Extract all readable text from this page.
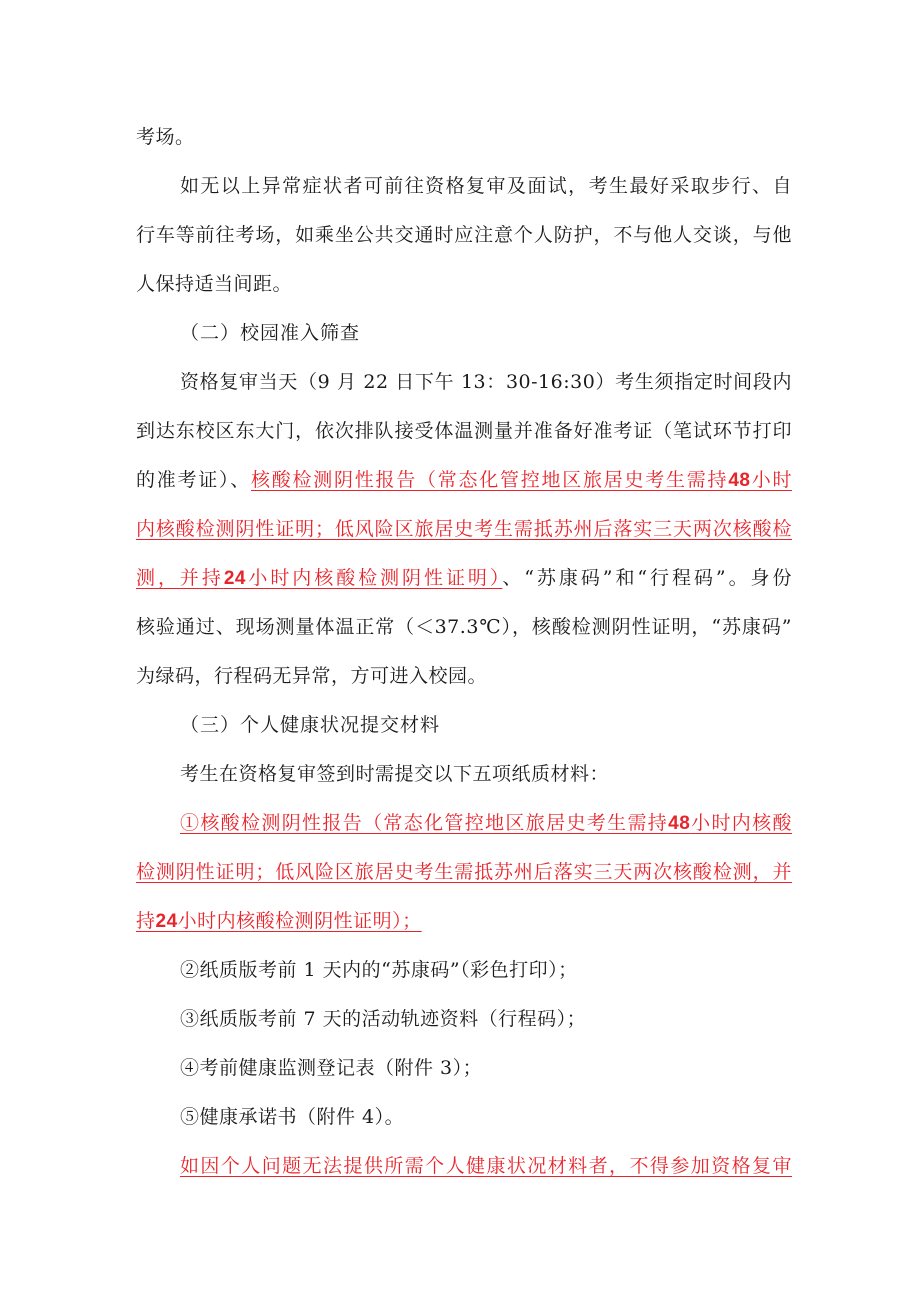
考场。

如无以上异常症状者可前往资格复审及面试，考生最好采取步行、自

行车等前往考场，如乘坐公共交通时应注意个人防护，不与他人交谈，与他

人保持适当间距。

（二）校园准入筛查

资格复审当天（9 月 22 日下午 13：30-16:30）考生须指定时间段内

到达东校区东大门，依次排队接受体温测量并准备好准考证（笔试环节打印

的准考证）、核酸检测阴性报告（常态化管控地区旅居史考生需持48小时

内核酸检测阴性证明；低风险区旅居史考生需抵苏州后落实三天两次核酸检

测，并持24小时内核酸检测阴性证明）、“苏康码”和“行程码”。身份

核验通过、现场测量体温正常（＜37.3℃），核酸检测阴性证明，“苏康码”

为绿码，行程码无异常，方可进入校园。

（三）个人健康状况提交材料

考生在资格复审签到时需提交以下五项纸质材料：

①核酸检测阴性报告（常态化管控地区旅居史考生需持48小时内核酸

检测阴性证明；低风险区旅居史考生需抵苏州后落实三天两次核酸检测，并

持24小时内核酸检测阴性证明）；

②纸质版考前 1 天内的“苏康码”（彩色打印）；

③纸质版考前 7 天的活动轨迹资料（行程码）；

④考前健康监测登记表（附件 3）；

⑤健康承诺书（附件 4）。

如因个人问题无法提供所需个人健康状况材料者，不得参加资格复审
